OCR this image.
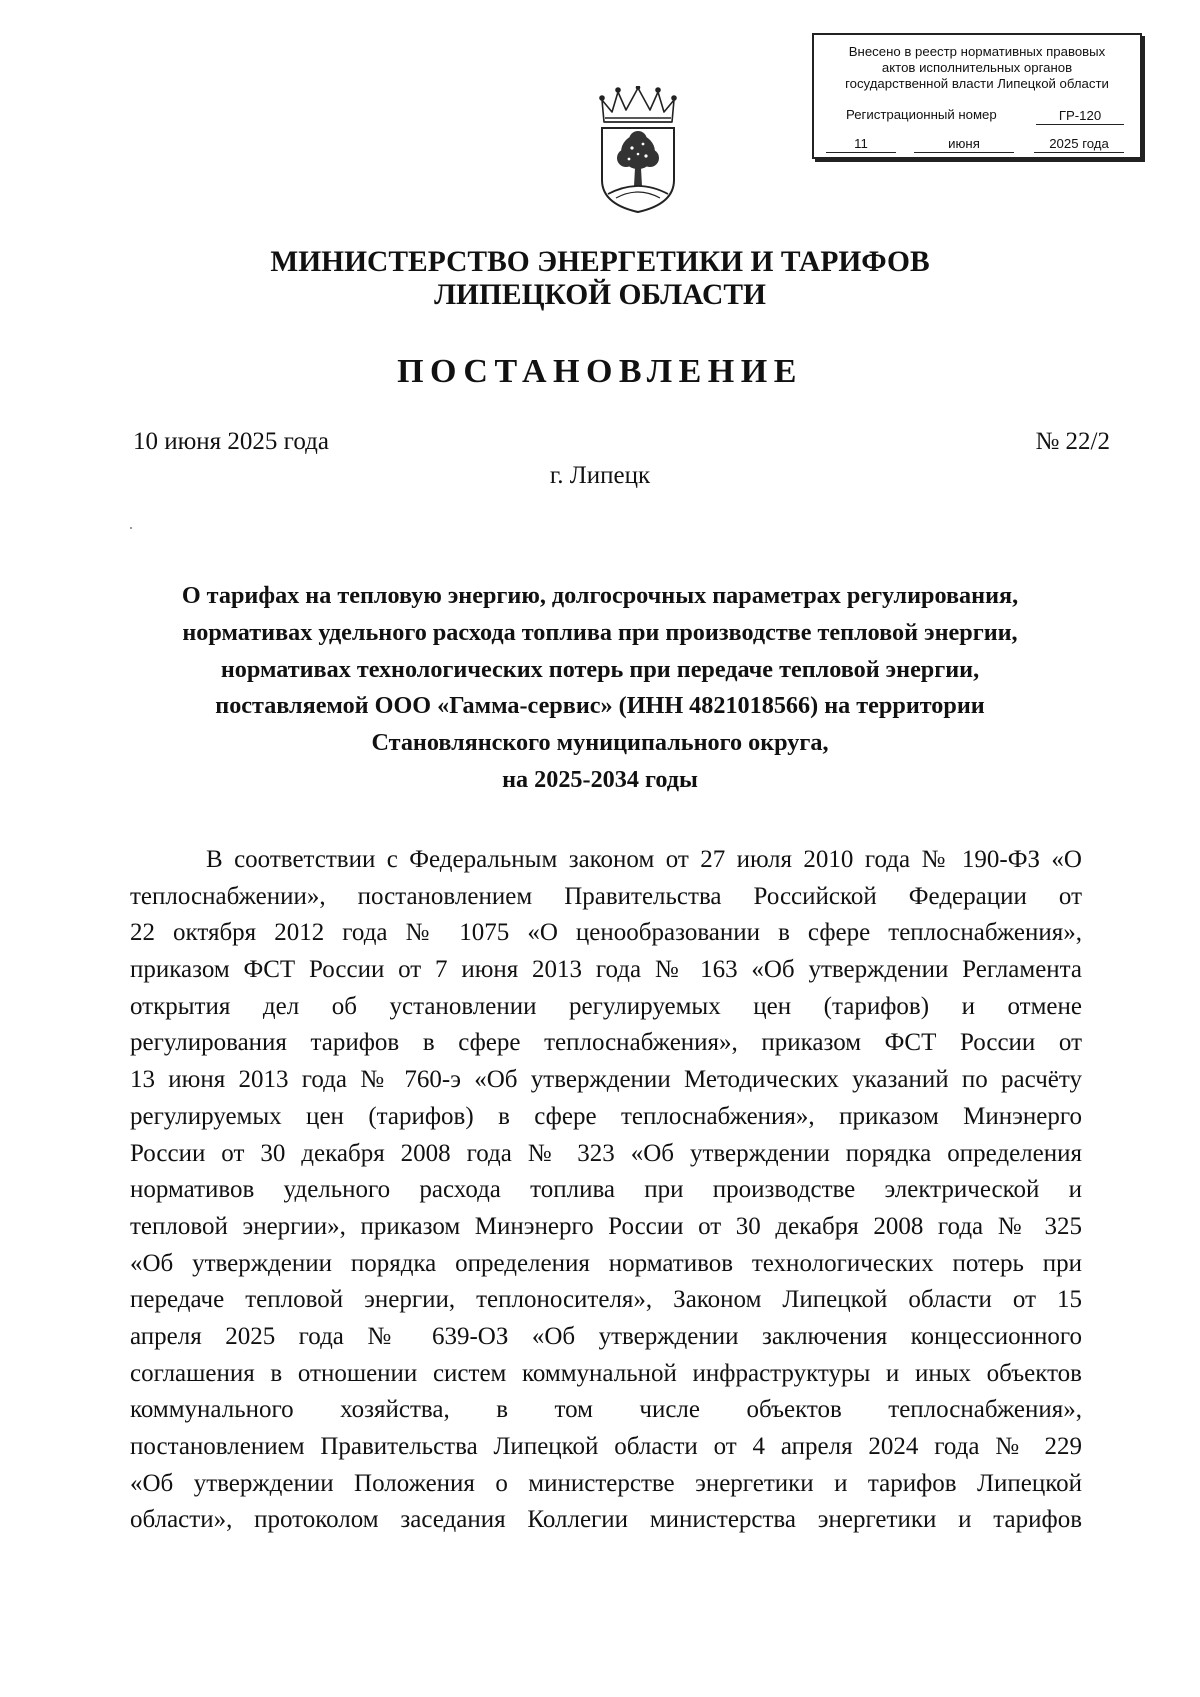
Внесено в реестр нормативных правовых
актов исполнительных органов
государственной власти Липецкой области
Регистрационный номер	ГР-120
11	июня	2025 года
МИНИСТЕРСТВО ЭНЕРГЕТИКИ И ТАРИФОВ
ЛИПЕЦКОЙ ОБЛАСТИ
ПОСТАНОВЛЕНИЕ
10 июня 2025 года	№ 22/2
г. Липецк
О тарифах на тепловую энергию, долгосрочных параметрах регулирования,
нормативах удельного расхода топлива при производстве тепловой энергии,
нормативах технологических потерь при передаче тепловой энергии,
поставляемой ООО «Гамма-сервис» (ИНН 4821018566) на территории
Становлянского муниципального округа,
на 2025-2034 годы
В соответствии с Федеральным законом от 27 июля 2010 года № 190-ФЗ «О
теплоснабжении», постановлением Правительства Российской Федерации от
22 октября 2012 года № 1075 «О ценообразовании в сфере теплоснабжения»,
приказом ФСТ России от 7 июня 2013 года № 163 «Об утверждении Регламента
открытия дел об установлении регулируемых цен (тарифов) и отмене
регулирования тарифов в сфере теплоснабжения», приказом ФСТ России от
13 июня 2013 года № 760-э «Об утверждении Методических указаний по расчёту
регулируемых цен (тарифов) в сфере теплоснабжения», приказом Минэнерго
России от 30 декабря 2008 года № 323 «Об утверждении порядка определения
нормативов удельного расхода топлива при производстве электрической и
тепловой энергии», приказом Минэнерго России от 30 декабря 2008 года № 325
«Об утверждении порядка определения нормативов технологических потерь при
передаче тепловой энергии, теплоносителя», Законом Липецкой области от 15
апреля 2025 года № 639-ОЗ «Об утверждении заключения концессионного
соглашения в отношении систем коммунальной инфраструктуры и иных объектов
коммунального хозяйства, в том числе объектов теплоснабжения»,
постановлением Правительства Липецкой области от 4 апреля 2024 года № 229
«Об утверждении Положения о министерстве энергетики и тарифов Липецкой
области», протоколом заседания Коллегии министерства энергетики и тарифов
